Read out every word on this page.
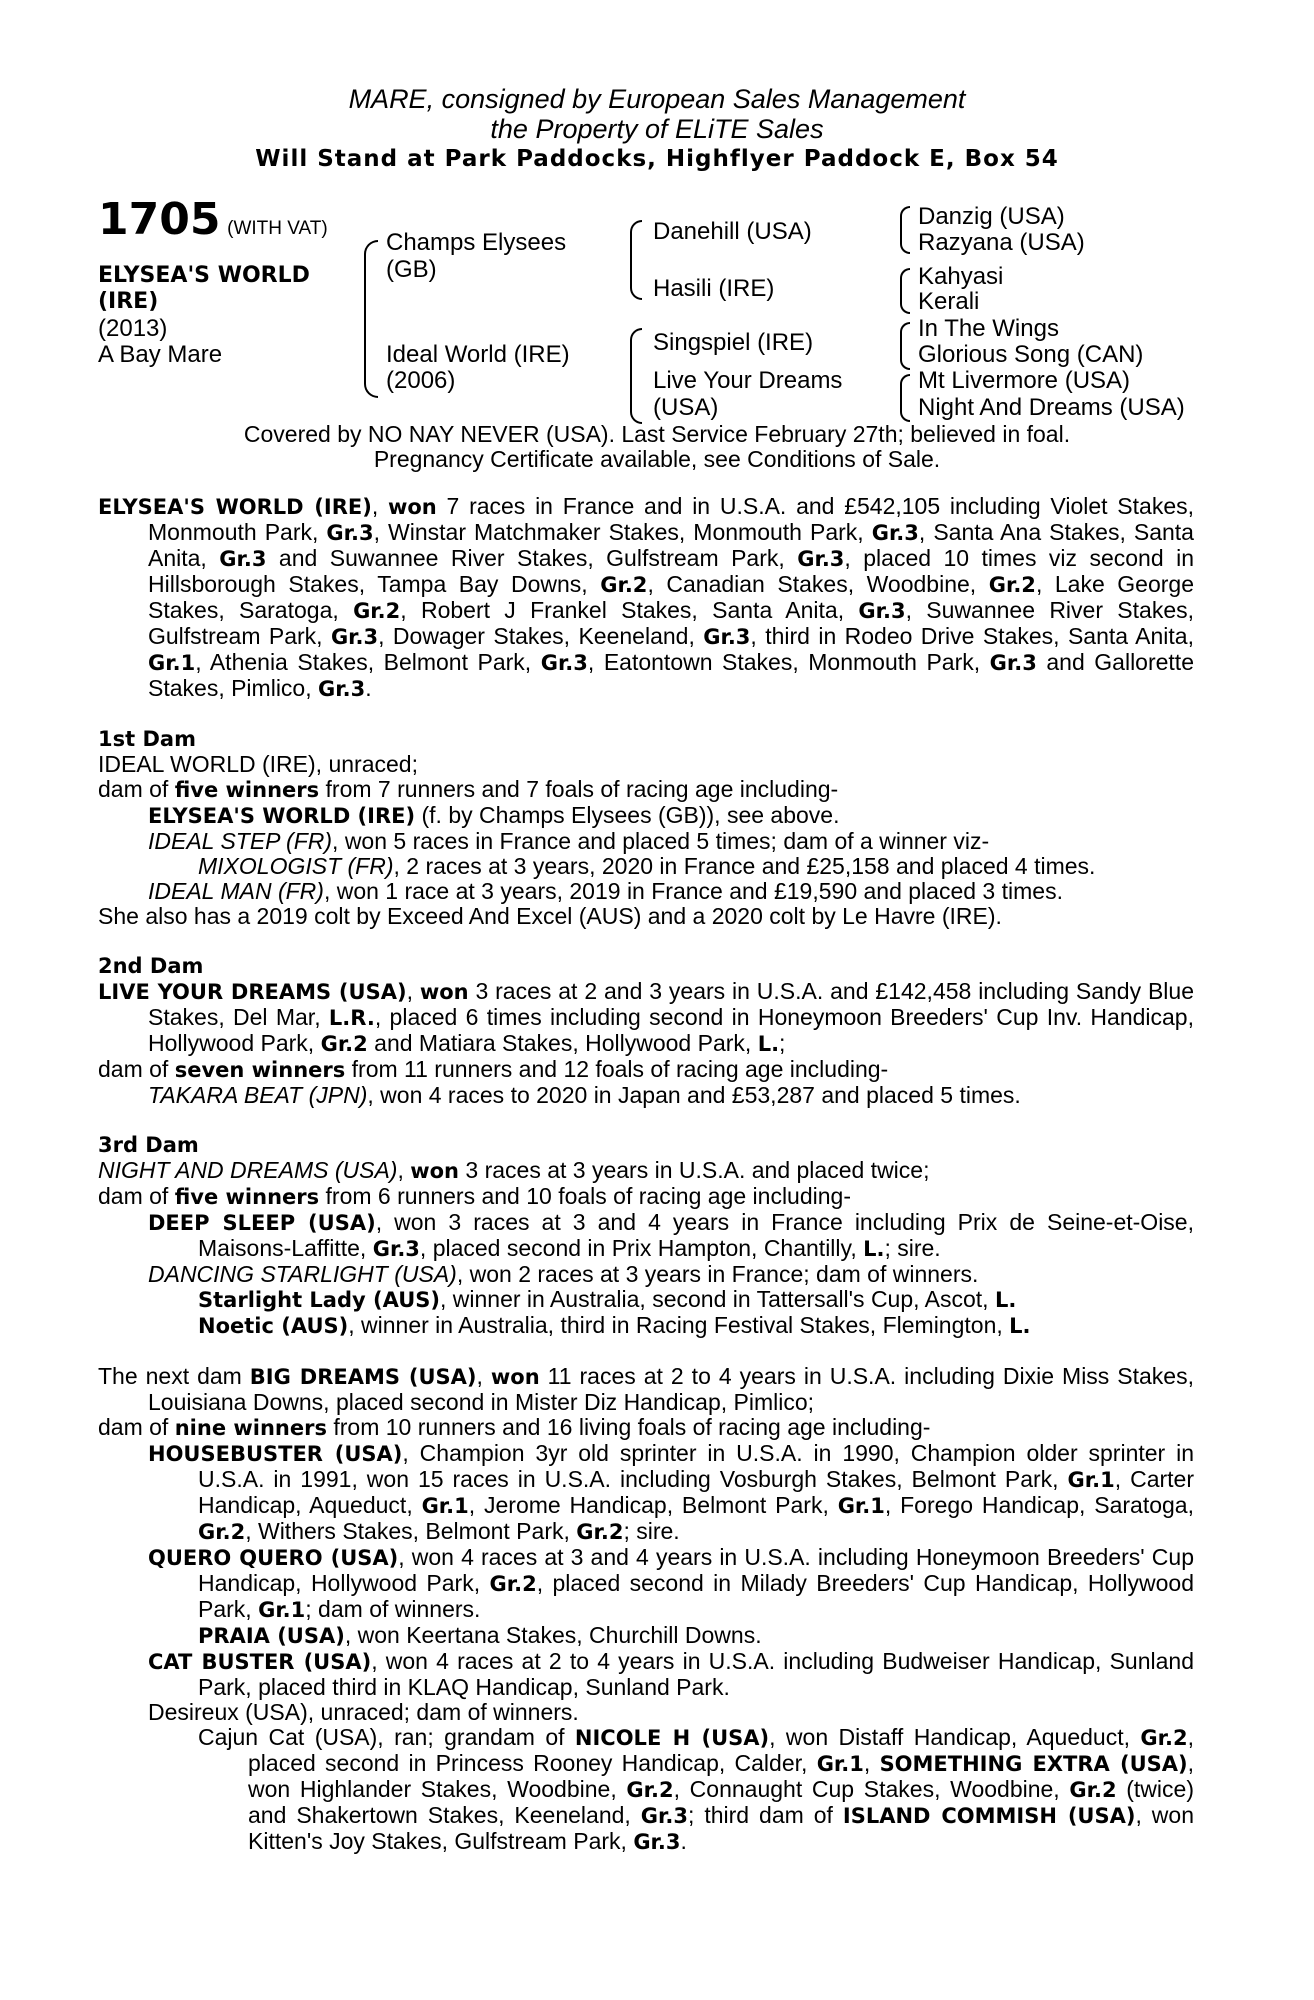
MARE, consigned by European Sales Management
the Property of ELiTE Sales
Will Stand at Park Paddocks, Highflyer Paddock E, Box 54
1705 (WITH VAT)
ELYSEA'S WORLD
(IRE)
(2013)
A Bay Mare
Champs Elysees
(GB)
Ideal World (IRE)
(2006)
Danehill (USA)
Hasili (IRE)
Singspiel (IRE)
Live Your Dreams
(USA)
Danzig (USA)
Razyana (USA)
Kahyasi
Kerali
In The Wings
Glorious Song (CAN)
Mt Livermore (USA)
Night And Dreams (USA)
Covered by NO NAY NEVER (USA). Last Service February 27th; believed in foal.
Pregnancy Certificate available, see Conditions of Sale.

ELYSEA'S WORLD (IRE), won 7 races in France and in U.S.A. and £542,105 including Violet Stakes, Monmouth Park, Gr.3, Winstar Matchmaker Stakes, Monmouth Park, Gr.3, Santa Ana Stakes, Santa Anita, Gr.3 and Suwannee River Stakes, Gulfstream Park, Gr.3, placed 10 times viz second in Hillsborough Stakes, Tampa Bay Downs, Gr.2, Canadian Stakes, Woodbine, Gr.2, Lake George Stakes, Saratoga, Gr.2, Robert J Frankel Stakes, Santa Anita, Gr.3, Suwannee River Stakes, Gulfstream Park, Gr.3, Dowager Stakes, Keeneland, Gr.3, third in Rodeo Drive Stakes, Santa Anita, Gr.1, Athenia Stakes, Belmont Park, Gr.3, Eatontown Stakes, Monmouth Park, Gr.3 and Gallorette Stakes, Pimlico, Gr.3.

1st Dam

IDEAL WORLD (IRE), unraced;

dam of five winners from 7 runners and 7 foals of racing age including-

ELYSEA'S WORLD (IRE) (f. by Champs Elysees (GB)), see above.

IDEAL STEP (FR), won 5 races in France and placed 5 times; dam of a winner viz-

MIXOLOGIST (FR), 2 races at 3 years, 2020 in France and £25,158 and placed 4 times.

IDEAL MAN (FR), won 1 race at 3 years, 2019 in France and £19,590 and placed 3 times.

She also has a 2019 colt by Exceed And Excel (AUS) and a 2020 colt by Le Havre (IRE).

2nd Dam

LIVE YOUR DREAMS (USA), won 3 races at 2 and 3 years in U.S.A. and £142,458 including Sandy Blue Stakes, Del Mar, L.R., placed 6 times including second in Honeymoon Breeders' Cup Inv. Handicap, Hollywood Park, Gr.2 and Matiara Stakes, Hollywood Park, L.;

dam of seven winners from 11 runners and 12 foals of racing age including-

TAKARA BEAT (JPN), won 4 races to 2020 in Japan and £53,287 and placed 5 times.

3rd Dam

NIGHT AND DREAMS (USA), won 3 races at 3 years in U.S.A. and placed twice;

dam of five winners from 6 runners and 10 foals of racing age including-

DEEP SLEEP (USA), won 3 races at 3 and 4 years in France including Prix de Seine-et-Oise, Maisons-Laffitte, Gr.3, placed second in Prix Hampton, Chantilly, L.; sire.

DANCING STARLIGHT (USA), won 2 races at 3 years in France; dam of winners.

Starlight Lady (AUS), winner in Australia, second in Tattersall's Cup, Ascot, L.

Noetic (AUS), winner in Australia, third in Racing Festival Stakes, Flemington, L.

The next dam BIG DREAMS (USA), won 11 races at 2 to 4 years in U.S.A. including Dixie Miss Stakes, Louisiana Downs, placed second in Mister Diz Handicap, Pimlico;

dam of nine winners from 10 runners and 16 living foals of racing age including-

HOUSEBUSTER (USA), Champion 3yr old sprinter in U.S.A. in 1990, Champion older sprinter in U.S.A. in 1991, won 15 races in U.S.A. including Vosburgh Stakes, Belmont Park, Gr.1, Carter Handicap, Aqueduct, Gr.1, Jerome Handicap, Belmont Park, Gr.1, Forego Handicap, Saratoga, Gr.2, Withers Stakes, Belmont Park, Gr.2; sire.

QUERO QUERO (USA), won 4 races at 3 and 4 years in U.S.A. including Honeymoon Breeders' Cup Handicap, Hollywood Park, Gr.2, placed second in Milady Breeders' Cup Handicap, Hollywood Park, Gr.1; dam of winners.

PRAIA (USA), won Keertana Stakes, Churchill Downs.

CAT BUSTER (USA), won 4 races at 2 to 4 years in U.S.A. including Budweiser Handicap, Sunland Park, placed third in KLAQ Handicap, Sunland Park.

Desireux (USA), unraced; dam of winners.

Cajun Cat (USA), ran; grandam of NICOLE H (USA), won Distaff Handicap, Aqueduct, Gr.2, placed second in Princess Rooney Handicap, Calder, Gr.1, SOMETHING EXTRA (USA), won Highlander Stakes, Woodbine, Gr.2, Connaught Cup Stakes, Woodbine, Gr.2 (twice) and Shakertown Stakes, Keeneland, Gr.3; third dam of ISLAND COMMISH (USA), won Kitten's Joy Stakes, Gulfstream Park, Gr.3.
